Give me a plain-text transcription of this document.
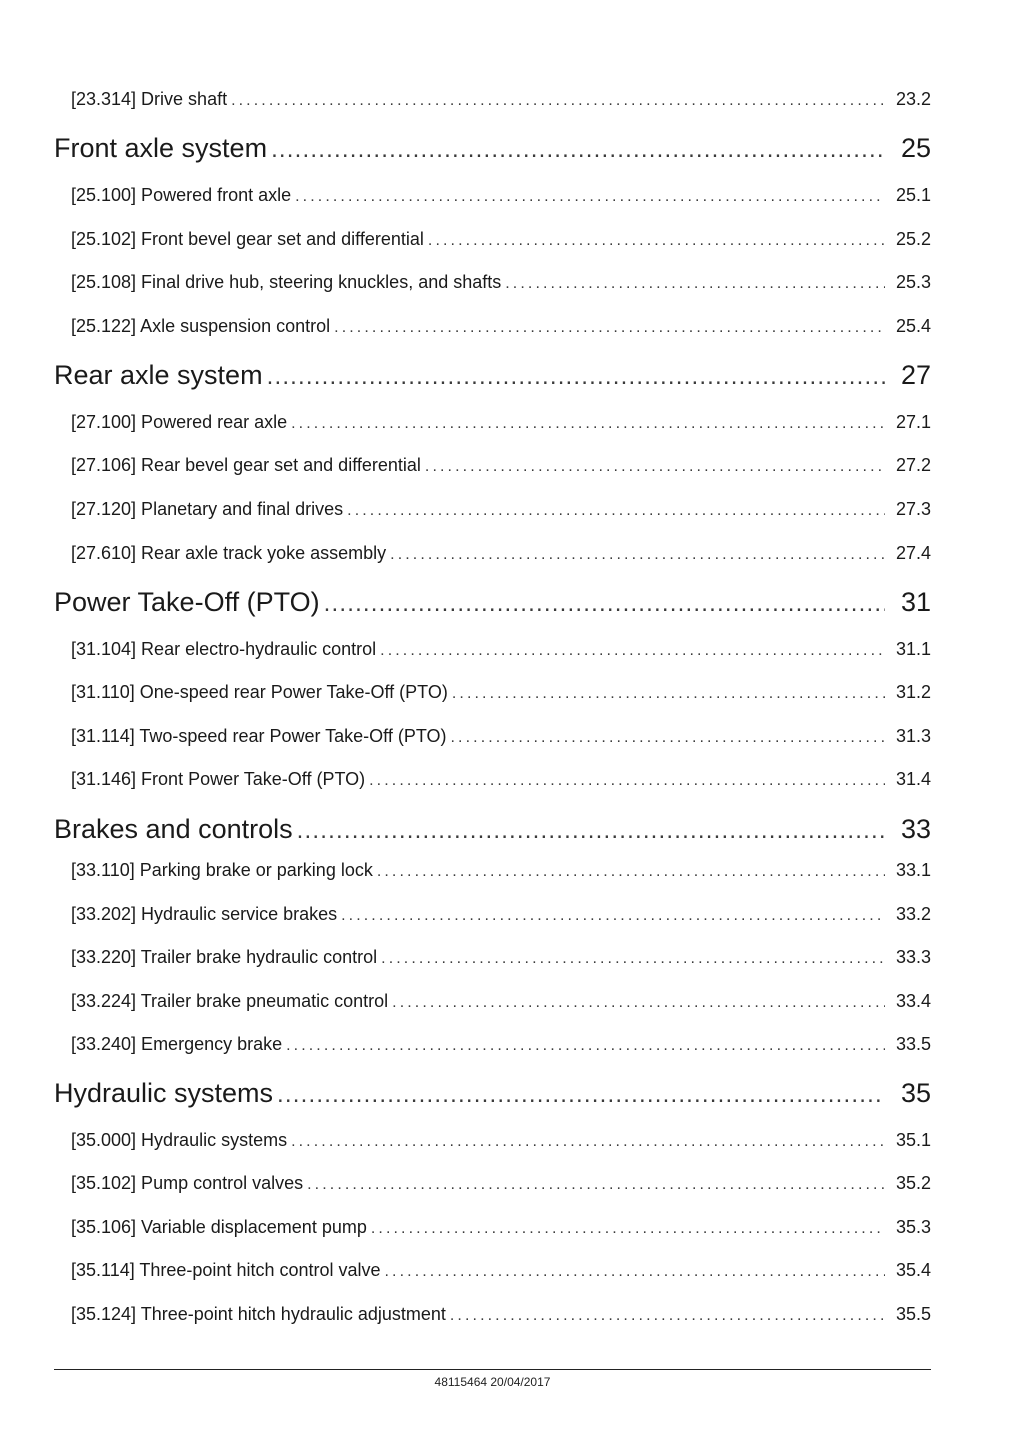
[23.314] Drive shaft .....	23.2
Front axle system .....	25
[25.100] Powered front axle .....	25.1
[25.102] Front bevel gear set and differential .....	25.2
[25.108] Final drive hub, steering knuckles, and shafts .....	25.3
[25.122] Axle suspension control .....	25.4
Rear axle system .....	27
[27.100] Powered rear axle .....	27.1
[27.106] Rear bevel gear set and differential .....	27.2
[27.120] Planetary and final drives .....	27.3
[27.610] Rear axle track yoke assembly .....	27.4
Power Take-Off (PTO) .....	31
[31.104] Rear electro-hydraulic control .....	31.1
[31.110] One-speed rear Power Take-Off (PTO) .....	31.2
[31.114] Two-speed rear Power Take-Off (PTO) .....	31.3
[31.146] Front Power Take-Off (PTO) .....	31.4
Brakes and controls .....	33
[33.110] Parking brake or parking lock .....	33.1
[33.202] Hydraulic service brakes .....	33.2
[33.220] Trailer brake hydraulic control .....	33.3
[33.224] Trailer brake pneumatic control .....	33.4
[33.240] Emergency brake .....	33.5
Hydraulic systems .....	35
[35.000] Hydraulic systems .....	35.1
[35.102] Pump control valves .....	35.2
[35.106] Variable displacement pump .....	35.3
[35.114] Three-point hitch control valve .....	35.4
[35.124] Three-point hitch hydraulic adjustment .....	35.5
48115464 20/04/2017
